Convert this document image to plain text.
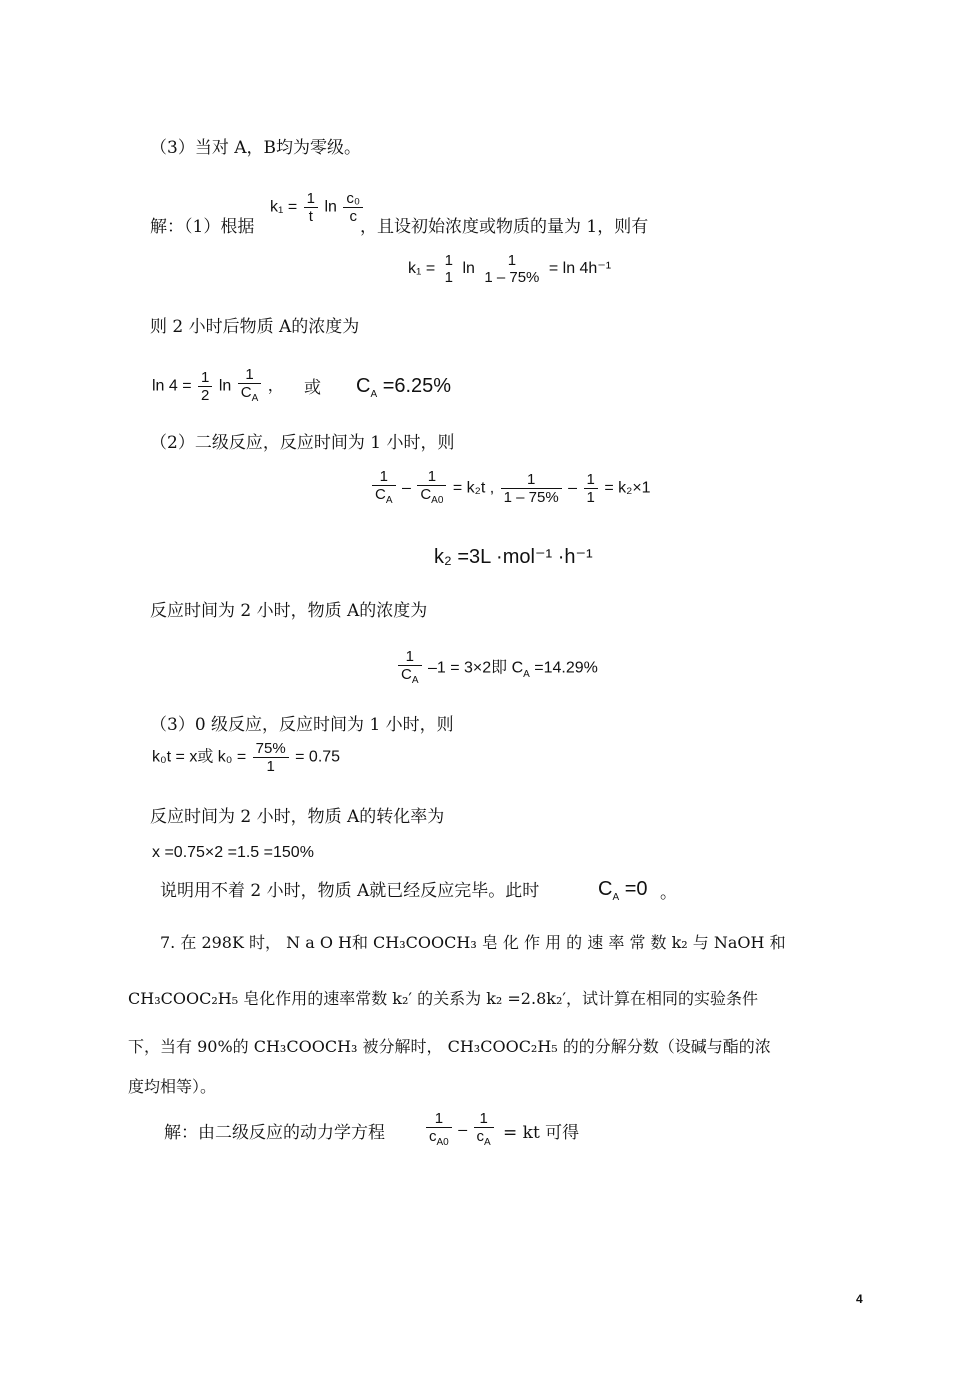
（3）当对 A，B均为零级。
解：（1）根据
$k_1 = \frac{1}{t}$ $\ln \frac{\text{c₀}}{c}$
，且设初始浓度或物质的量为 1，则有
k₁ = 1
1
ln	1
1 – 75%
= ln 4h⁻¹
则 2 小时后物质 A的浓度为
$\ln 4 = \frac{1}{2}$ $\ln \frac{1}{C_A}$ ， 或 $C_A =6.25\%$
（2）二级反应，反应时间为 1 小时，则
$\frac{1}{C_A} - \frac{1}{C_{A0}} = k_2t$ , $\frac{1}{1 - 75\%} - \frac{1}{1} = k_2\times 1$
k₂ =3L ·mol⁻¹ ·h⁻¹
反应时间为 2 小时，物质 A的浓度为
$\frac{1}{C_A} -1 = 3\times 2$即 $C_A =14.29\%$
（3）0 级反应，反应时间为 1 小时，则
k₀t = x或 $k_0 = \frac{75\%}{1} = 0.75$
反应时间为 2 小时，物质 A的转化率为
x =0.75×2 =1.5 =150%
说明用不着 2 小时，物质 A就已经反应完毕。此时	$C_A =0$ 。
7. 在 298K 时， N a O H和 CH₃COOCH₃ 皂 化 作 用 的 速 率 常 数 k₂ 与 NaOH 和
CH₃COOC₂H₅ 皂化作用的速率常数 k₂′ 的关系为 k₂ =2.8k₂′，试计算在相同的实验条件
下，当有 90%的 CH₃COOCH₃ 被分解时， CH₃COOC₂H₅ 的的分解分数（设碱与酯的浓
度均相等）。
解：由二级反应的动力学方程	$\frac{1}{c_{A0}} - \frac{1}{c_A}$ = kt 可得
4
